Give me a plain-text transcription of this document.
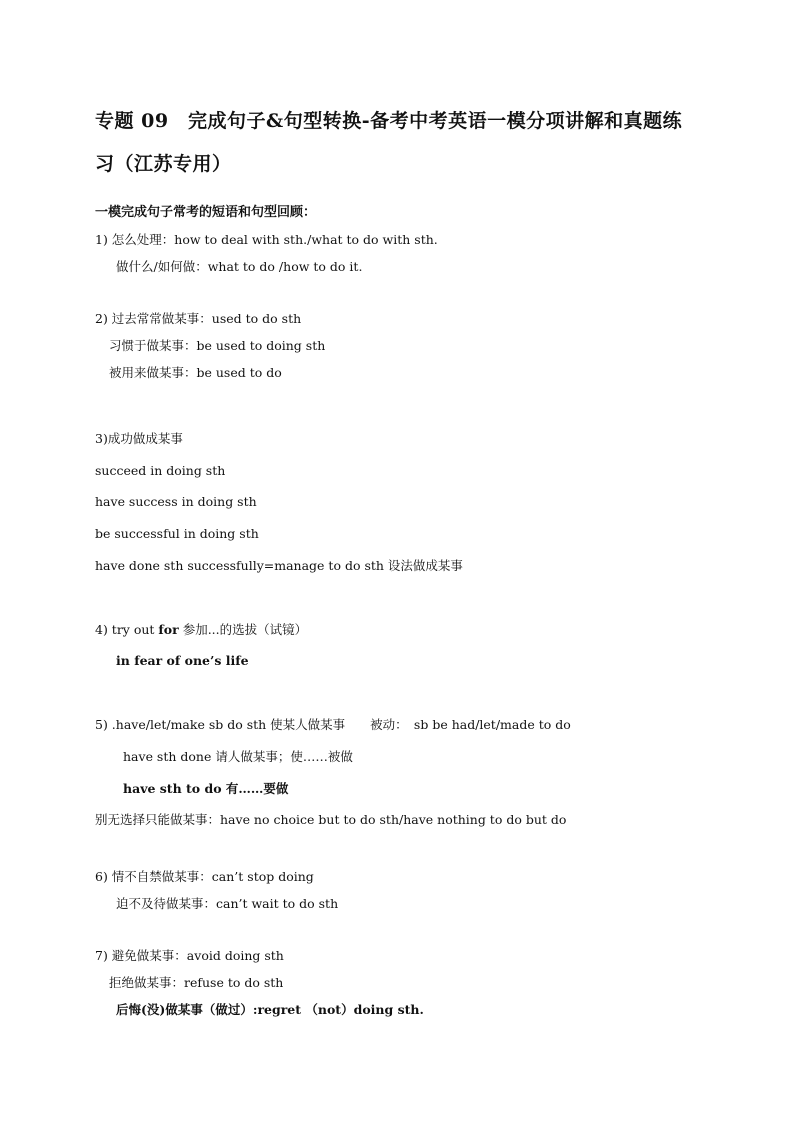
专题 09　完成句子&句型转换-备考中考英语一模分项讲解和真题练
习（江苏专用）
一模完成句子常考的短语和句型回顾：
1) 怎么处理：how to deal with sth./what to do with sth.
做什么/如何做：what to do /how to do it.
2) 过去常常做某事：used to do sth
习惯于做某事：be used to doing sth
被用来做某事：be used to do
3)成功做成某事
succeed in doing sth
have success in doing sth
be successful in doing sth
have done sth successfully=manage to do sth 设法做成某事
4) try out for 参加...的选拔（试镜）
in fear of one’s life
5) .have/let/make sb do sth 使某人做某事　　被动：　sb be had/let/made to do
have sth done 请人做某事；使……被做
have sth to do 有……要做
别无选择只能做某事：have no choice but to do sth/have nothing to do but do
6) 情不自禁做某事：can’t stop doing
迫不及待做某事：can’t wait to do sth
7) 避免做某事：avoid doing sth
拒绝做某事：refuse to do sth
后悔(没)做某事（做过）:regret （not）doing sth.
